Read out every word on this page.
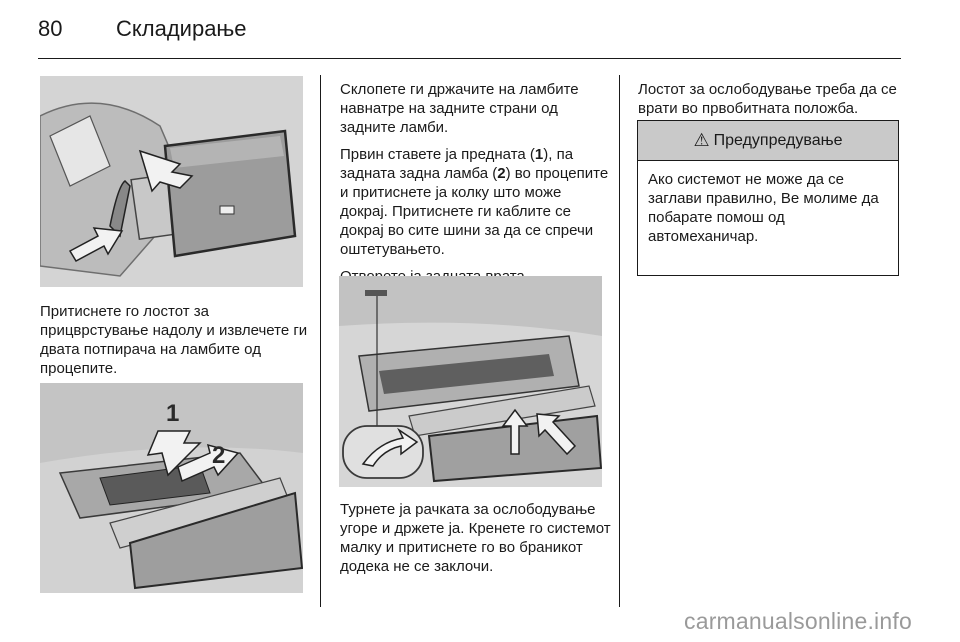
80 Складирање

Притиснете го лостот за прицврстување надолу и извлечете ги двата потпирача на ламбите од процепите.

1
2

Склопете ги држачите на ламбите навнатре на задните страни од задните ламби.

Првин ставете ја предната (1), па задната задна ламба (2) во процепите и притиснете ја колку што може докрај. Притиснете ги каблите се докрај во сите шини за да се спречи оштетувањето.

Турнете ја рачката за ослободување угоре и држете ја. Кренете го системот малку и притиснете го во браникот додека не се заклочи.

Лостот за ослободување треба да се врати во првобитната положба.

⚠ Предупредување
Ако системот не може да се заглави правилно, Ве молиме да побарате помош од автомеханичар.
carmanualsonline.info
